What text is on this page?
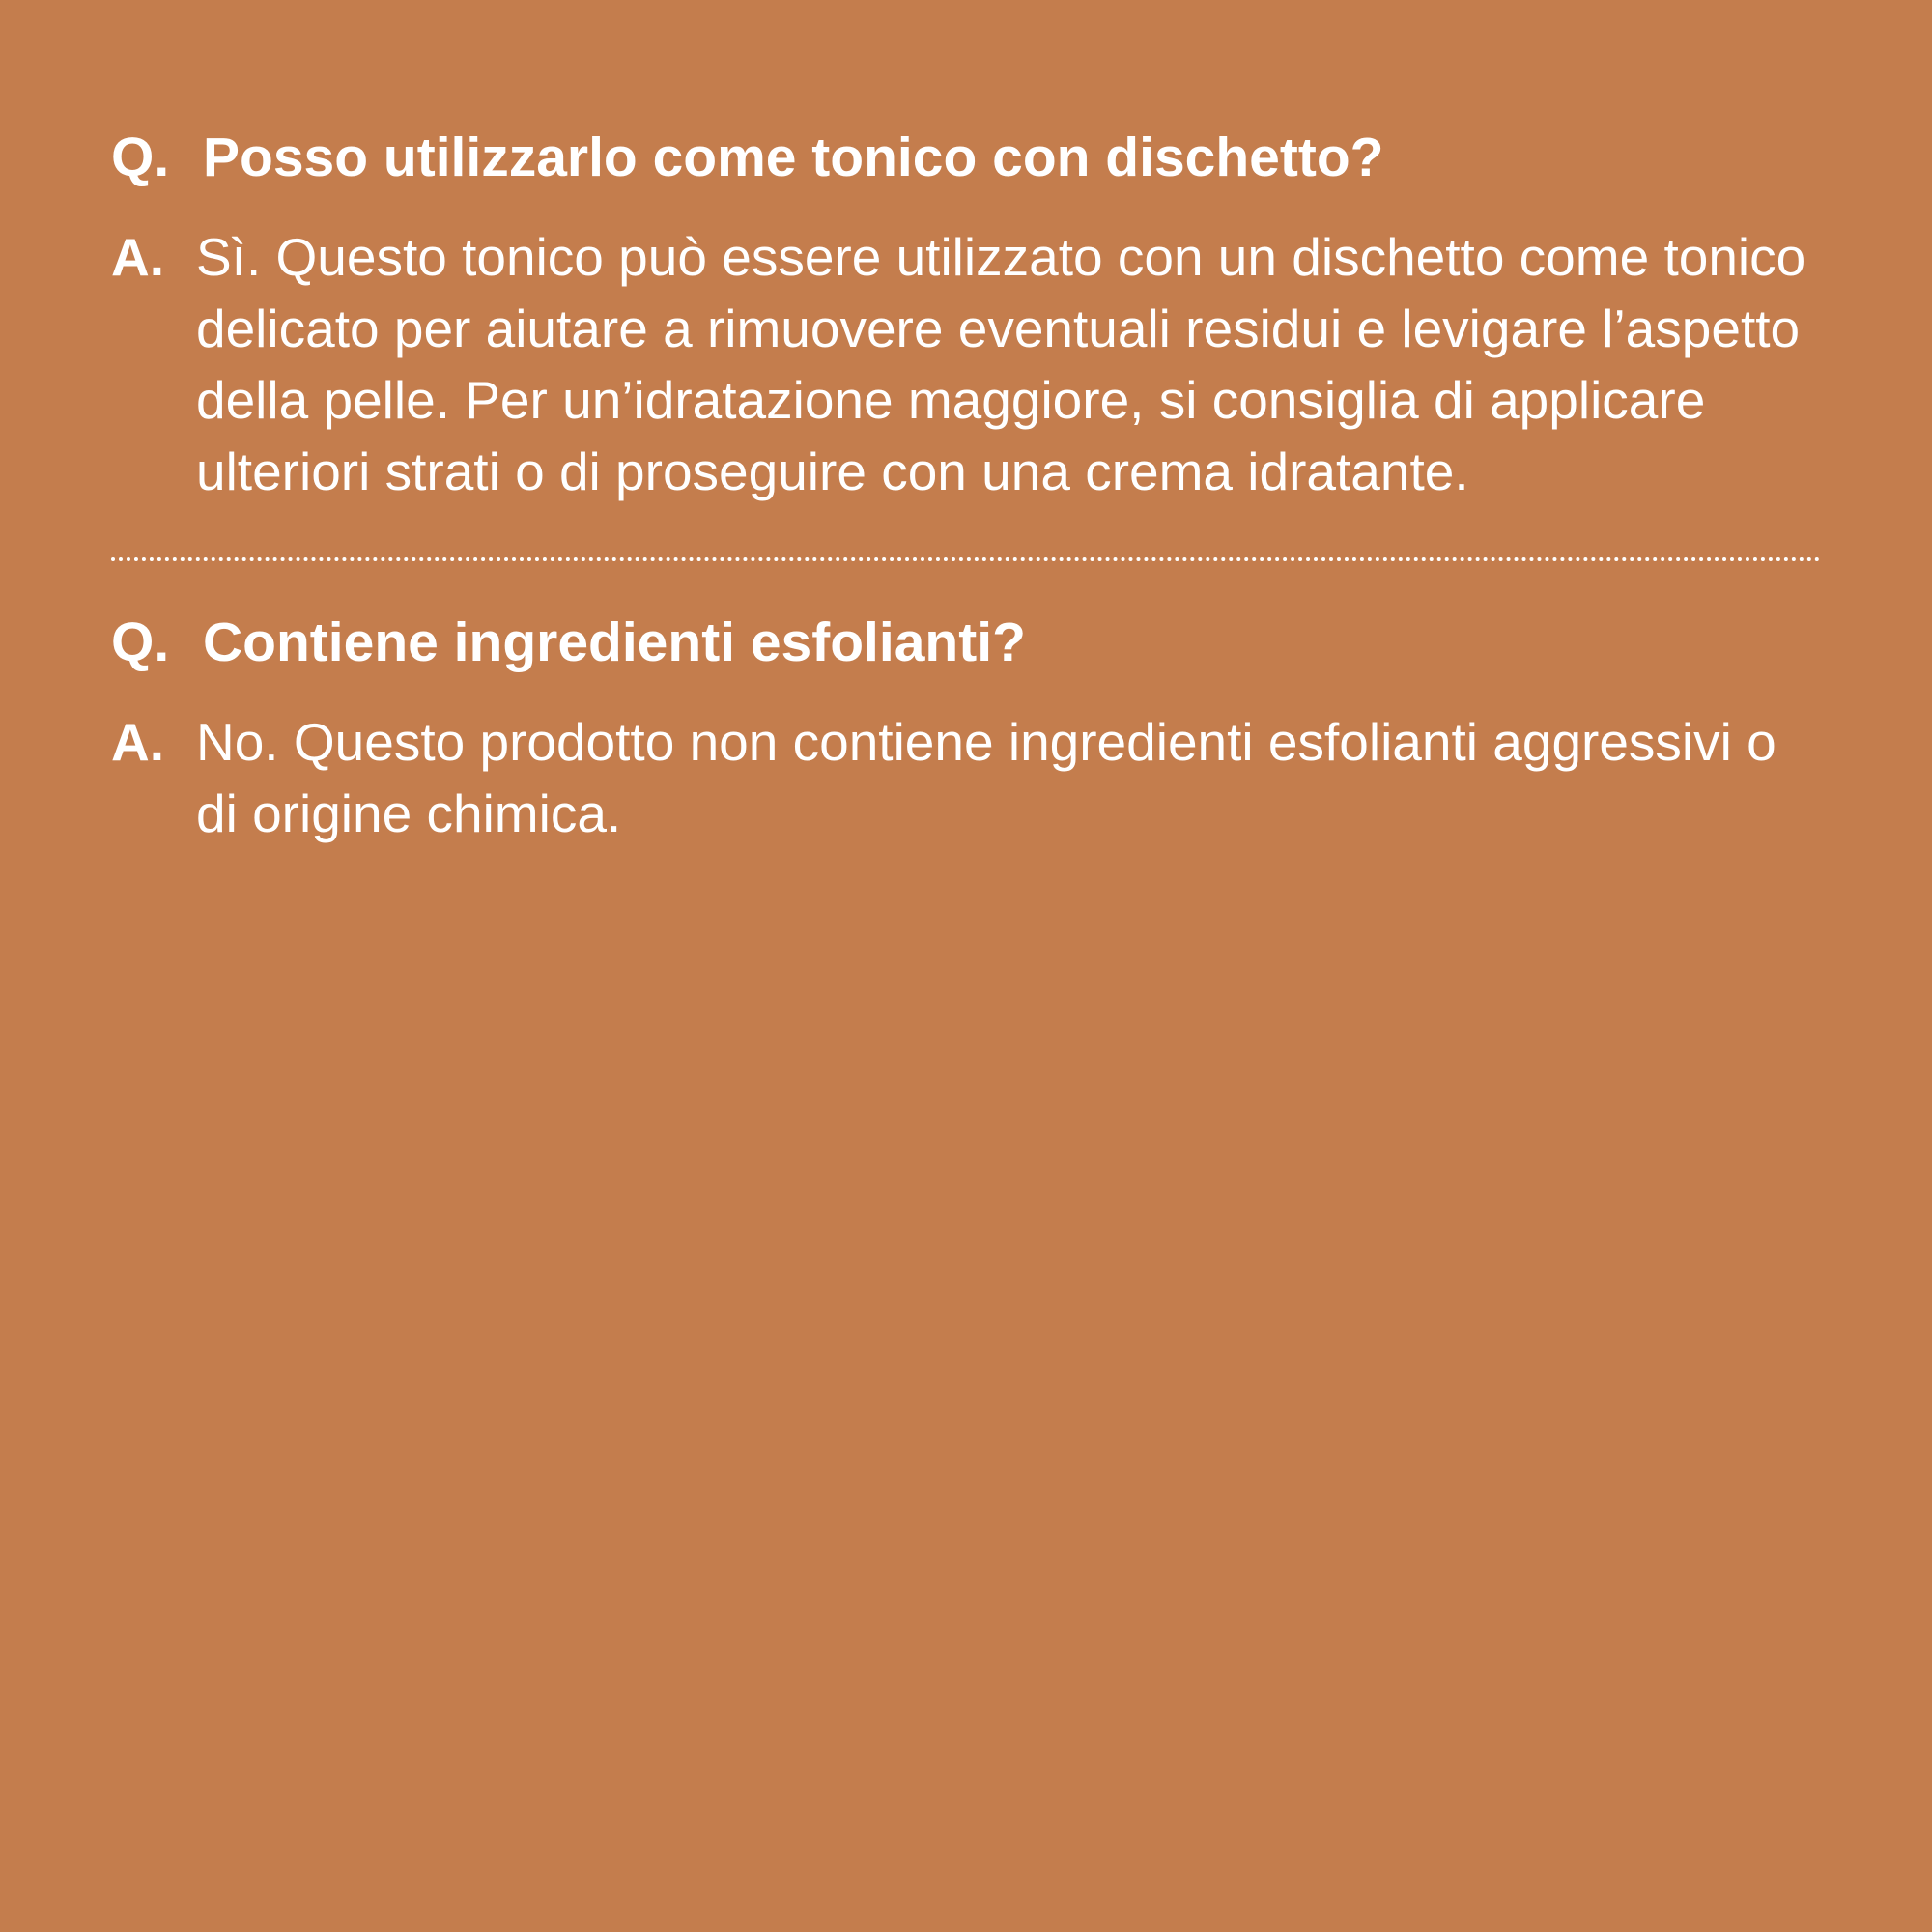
Q. Posso utilizzarlo come tonico con dischetto?
A. Sì. Questo tonico può essere utilizzato con un dischetto come tonico delicato per aiutare a rimuovere eventuali residui e levigare l’aspetto della pelle. Per un’idratazione maggiore, si consiglia di applicare ulteriori strati o di proseguire con una crema idratante.
Q. Contiene ingredienti esfolianti?
A. No. Questo prodotto non contiene ingredienti esfolianti aggressivi o di origine chimica.
